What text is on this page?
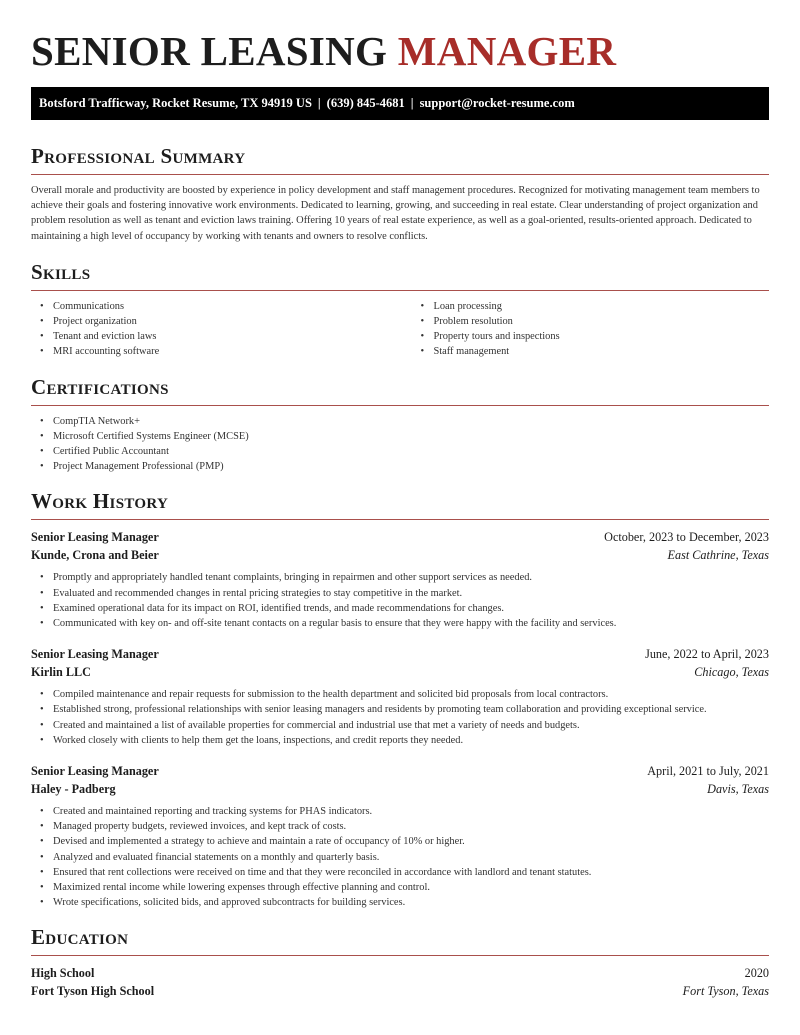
SENIOR LEASING MANAGER
Botsford Trafficway, Rocket Resume, TX 94919 US | (639) 845-4681 | support@rocket-resume.com
Professional Summary

Overall morale and productivity are boosted by experience in policy development and staff management procedures. Recognized for motivating management team members to achieve their goals and fostering innovative work environments. Dedicated to learning, growing, and succeeding in real estate. Clear understanding of project organization and problem resolution as well as tenant and eviction laws training. Offering 10 years of real estate experience, as well as a goal-oriented, results-oriented approach. Dedicated to maintaining a high level of occupancy by working with tenants and owners to resolve conflicts.

Skills
• Communications
• Project organization
• Tenant and eviction laws
• MRI accounting software
• Loan processing
• Problem resolution
• Property tours and inspections
• Staff management
Certifications
• CompTIA Network+
• Microsoft Certified Systems Engineer (MCSE)
• Certified Public Accountant
• Project Management Professional (PMP)
Work History
Senior Leasing Manager	October, 2023 to December, 2023
Kunde, Crona and Beier	East Cathrine, Texas
• Promptly and appropriately handled tenant complaints, bringing in repairmen and other support services as needed.
• Evaluated and recommended changes in rental pricing strategies to stay competitive in the market.
• Examined operational data for its impact on ROI, identified trends, and made recommendations for changes.
• Communicated with key on- and off-site tenant contacts on a regular basis to ensure that they were happy with the facility and services.
Senior Leasing Manager	June, 2022 to April, 2023
Kirlin LLC	Chicago, Texas
• Compiled maintenance and repair requests for submission to the health department and solicited bid proposals from local contractors.
• Established strong, professional relationships with senior leasing managers and residents by promoting team collaboration and providing exceptional service.
• Created and maintained a list of available properties for commercial and industrial use that met a variety of needs and budgets.
• Worked closely with clients to help them get the loans, inspections, and credit reports they needed.
Senior Leasing Manager	April, 2021 to July, 2021
Haley - Padberg	Davis, Texas
• Created and maintained reporting and tracking systems for PHAS indicators.
• Managed property budgets, reviewed invoices, and kept track of costs.
• Devised and implemented a strategy to achieve and maintain a rate of occupancy of 10% or higher.
• Analyzed and evaluated financial statements on a monthly and quarterly basis.
• Ensured that rent collections were received on time and that they were reconciled in accordance with landlord and tenant statutes.
• Maximized rental income while lowering expenses through effective planning and control.
• Wrote specifications, solicited bids, and approved subcontracts for building services.
Education
High School	2020
Fort Tyson High School	Fort Tyson, Texas
